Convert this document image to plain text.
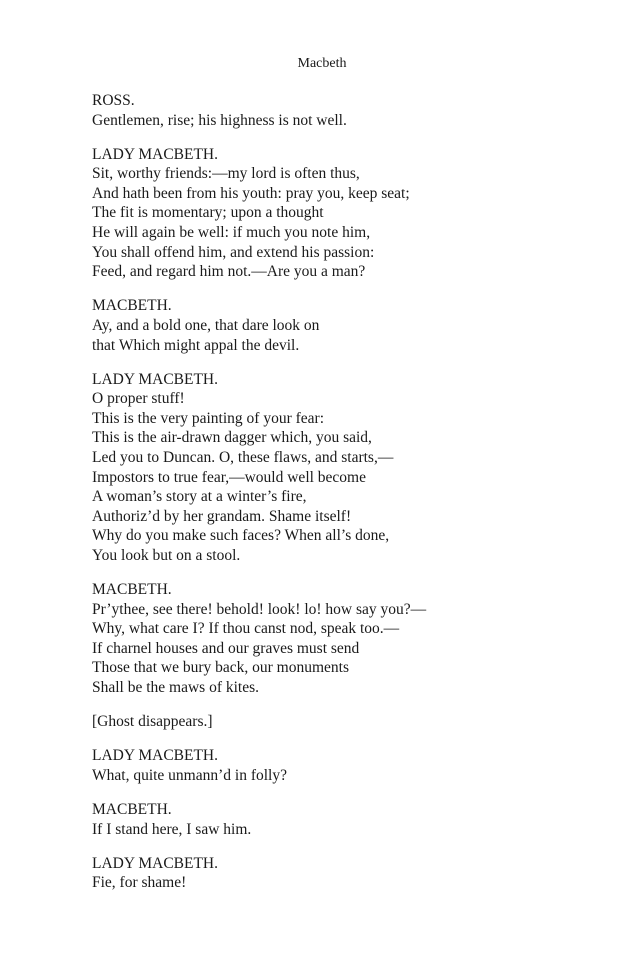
Macbeth
ROSS.
Gentlemen, rise; his highness is not well.
LADY MACBETH.
Sit, worthy friends:—my lord is often thus,
And hath been from his youth: pray you, keep seat;
The fit is momentary; upon a thought
He will again be well: if much you note him,
You shall offend him, and extend his passion:
Feed, and regard him not.—Are you a man?
MACBETH.
Ay, and a bold one, that dare look on
that Which might appal the devil.
LADY MACBETH.
O proper stuff!
This is the very painting of your fear:
This is the air-drawn dagger which, you said,
Led you to Duncan. O, these flaws, and starts,—
Impostors to true fear,—would well become
A woman’s story at a winter’s fire,
Authoriz’d by her grandam. Shame itself!
Why do you make such faces? When all’s done,
You look but on a stool.
MACBETH.
Pr’ythee, see there! behold! look! lo! how say you?—
Why, what care I? If thou canst nod, speak too.—
If charnel houses and our graves must send
Those that we bury back, our monuments
Shall be the maws of kites.
[Ghost disappears.]
LADY MACBETH.
What, quite unmann’d in folly?
MACBETH.
If I stand here, I saw him.
LADY MACBETH.
Fie, for shame!
